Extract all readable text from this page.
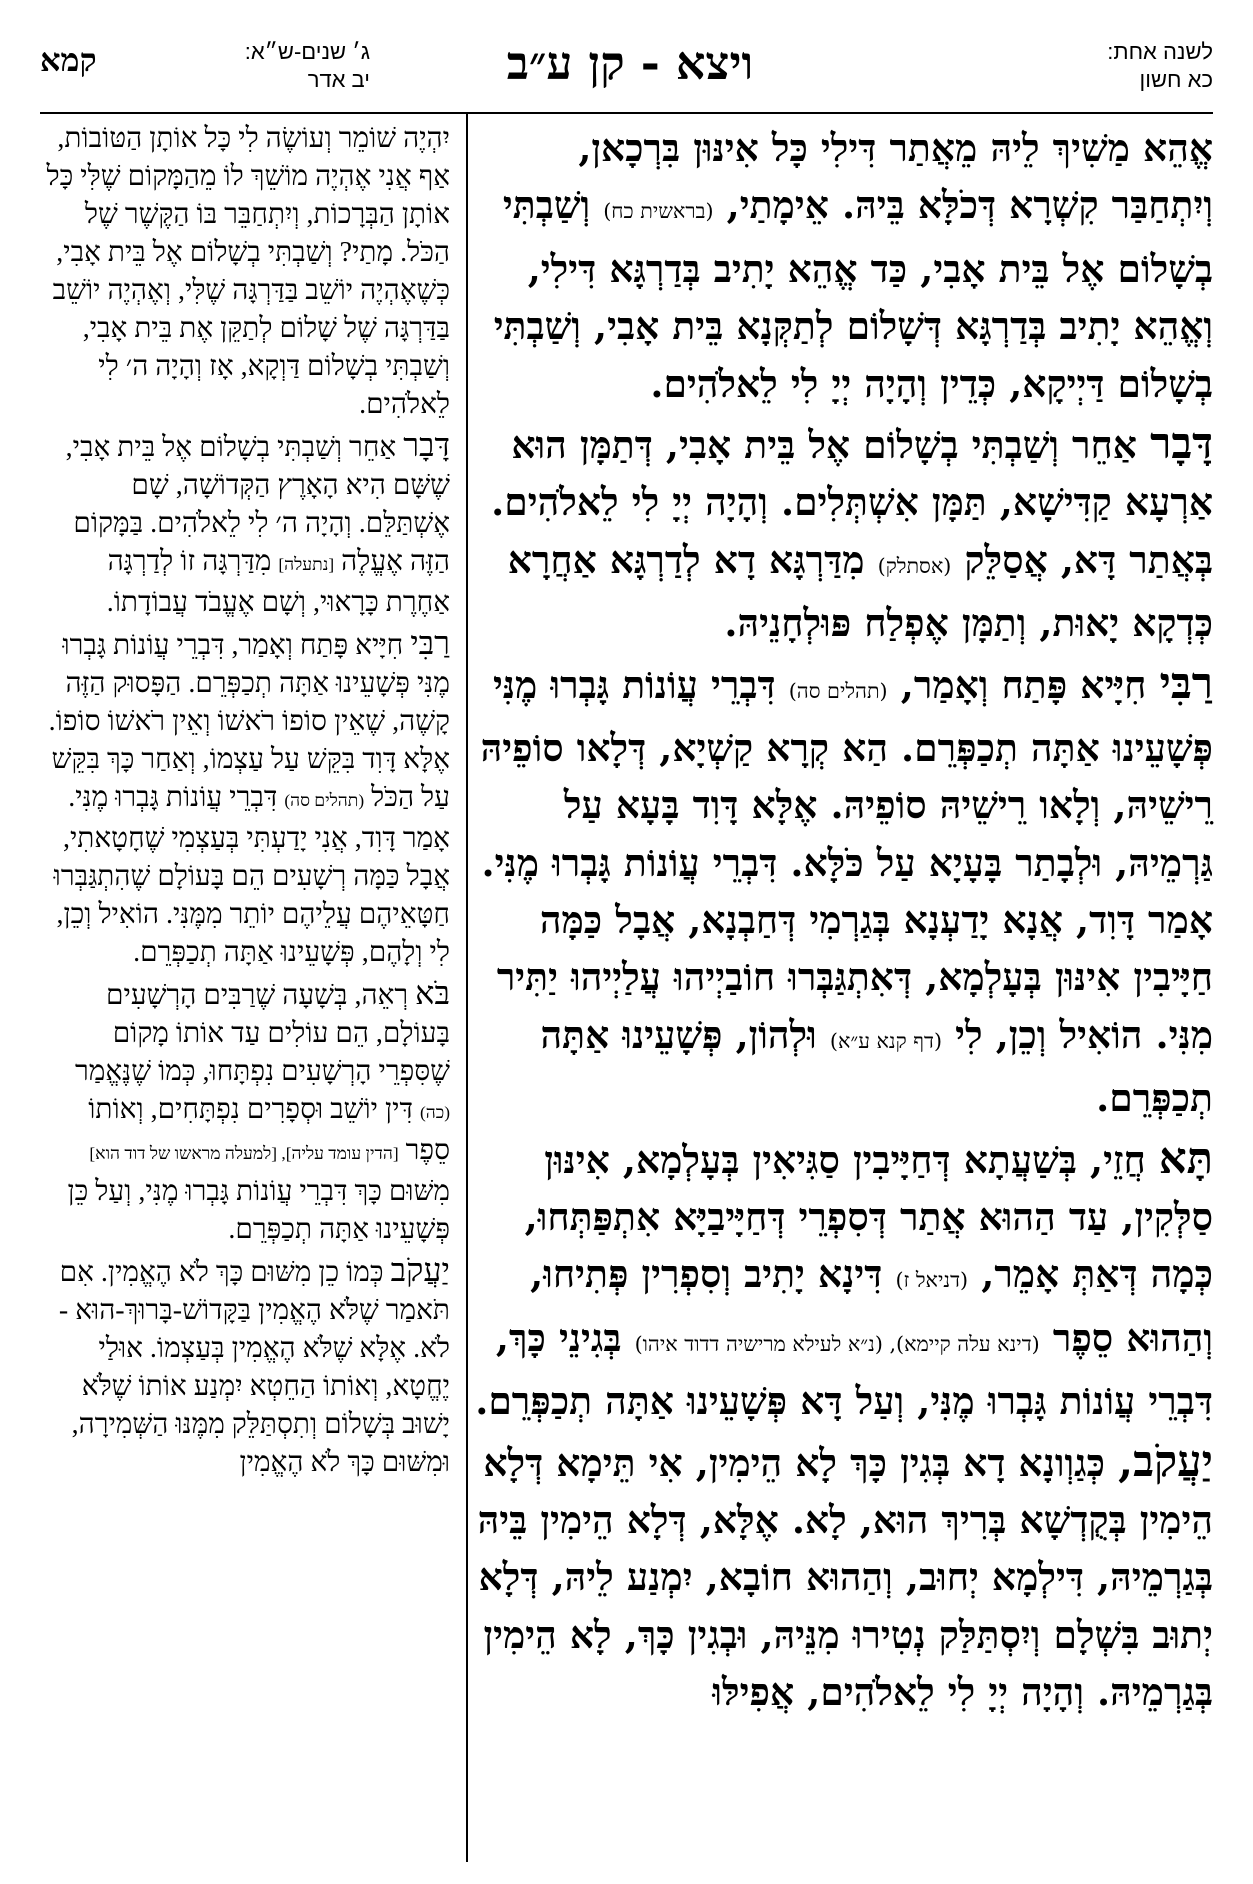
קמא	ג׳ שנים-ש״א:
יב אדר	ויצא - קן ע״ב	לשנה אחת:
כא חשון

אֱהֵא מַשִׁיךְ לֵיהּ מֵאֲתַר דִּילִי כָּל אִינּוּן בִּרְכָאן, וְיִתְחַבַּר קִשְׁרָא דְּכֹלָּא בֵּיהּ. אֵימָתַי, (בראשית כח) וְשַׁבְתִּי בְשָׁלוֹם אֶל בֵּית אָבִי, כַּד אֱהֵא יָתִיב בְּדַרְגָּא דִּילִי, וְאֱהֵא יָתִיב בְּדַרְגָּא דְּשָׁלוֹם לְתַקְּנָא בֵּית אָבִי, וְשַׁבְתִּי בְשָׁלוֹם דַּיְיקָא, כְּדֵין וְהָיָה יְיָ לִי לֵאלֹהִים.

דָּבָר אַחֵר וְשַׁבְתִּי בְשָׁלוֹם אֶל בֵּית אָבִי, דְּתַמָּן הוּא אַרְעָא קַדִּישָׁא, תַּמָּן אִשְׁתְּלִים. וְהָיָה יְיָ לִי לֵאלֹהִים. בְּאֲתַר דָּא, אֲסַלֵּק (אסתלק) מִדַּרְגָּא דָא לְדַרְגָּא אַחֲרָא כְּדְקָא יָאוּת, וְתַמָּן אֶפְלַח פּוּלְחָנֵיהּ.

רַבִּי חִיָּיא פָּתַח וְאָמַר, (תהלים סה) דִּבְרֵי עֲוֹנוֹת גָּבְרוּ מֶנִּי פְּשָׁעֵינוּ אַתָּה תְכַפְּרֵם. הַא קְרָא קַשְׁיָא, דְּלָאו סוֹפֵיהּ רֵישֵׁיהּ, וְלָאו רֵישֵׁיהּ סוֹפֵיהּ. אֶלָּא דָּוִד בָּעָא עַל גַּרְמֵיהּ, וּלְבָתַר בָּעָיָא עַל כֹּלָּא. דִּבְרֵי עֲוֹנוֹת גָּבְרוּ מֶנִּי. אָמַר דָּוִד, אֲנָא יָדַעְנָא בְּגַרְמִי דְּחַבְנָא, אֲבָל כַּמָּה חַיָּיבִין אִינּוּן בְּעָלְמָא, דְּאִתְגַּבְּרוּ חוֹבַיְיהוּ עֲלַיְיהוּ יַתִּיר מִנִּי. הוֹאִיל וְכֵן, לִי (דף קנא ע״א) וּלְהוֹן, פְּשָׁעֵינוּ אַתָּה תְכַפְּרֵם.

תָּא חֲזֵי, בְּשַׁעֲתָא דְּחַיָּיבִין סַגִּיאִין בְּעָלְמָא, אִינּוּן סַלְּקִין, עַד הַהוּא אֲתַר דְּסִפְרֵי דְּחַיָּיבַיָּא אִתְפַּתְּחוּ, כְּמָה דְּאַתְּ אָמֵר, (דניאל ז) דִּינָא יָתִיב וְסִפְרִין פְּתִיחוּ, וְהַהוּא סֵפֶר (דינא עלה קיימא), (נ״א לעילא מרישיה דדוד איהו) בְּגִינֵי כָּךְ, דִּבְרֵי עֲוֹנוֹת גָּבְרוּ מֶנִּי, וְעַל דָּא פְּשָׁעֵינוּ אַתָּה תְכַפְּרֵם.

יַעֲקֹב, כְּגַוְונָא דָא בְּגִין כָּךְ לָא הֵימִין, אִי תֵּימָא דְּלָא הֵימִין בְּקֻדְשָׁא בְּרִיךְ הוּא, לָא. אֶלָּא, דְּלָא הֵימִין בֵּיהּ בְּגַרְמֵיהּ, דִּילְמָא יְחוּב, וְהַהוּא חוֹבָא, יִמְנַע לֵיהּ, דְּלָא יְתוּב בִּשְׁלָם וְיִסְתַּלַּק נְטִירוּ מִנֵּיהּ, וּבְגִין כָּךְ, לָא הֵימִין בְּגַרְמֵיהּ. וְהָיָה יְיָ לִי לֵאלֹהִים, אֲפִילּוּ

יִהְיֶה שׁוֹמֵר וְעוֹשֶׂה לִי כָּל אוֹתָן הַטּוֹבוֹת, אַף אֲנִי אֶהְיֶה מוֹשֵׁךְ לוֹ מֵהַמָּקוֹם שֶׁלִּי כָּל אוֹתָן הַבְּרָכוֹת, וְיִתְחַבֵּר בּוֹ הַקֶּשֶׁר שֶׁל הַכֹּל. מָתַי? וְשַׁבְתִּי בְשָׁלוֹם אֶל בֵּית אָבִי, כְּשֶׁאֶהְיֶה יוֹשֵׁב בַּדַּרְגָּה שֶׁלִּי, וְאֶהְיֶה יוֹשֵׁב בַּדַּרְגָּה שֶׁל שָׁלוֹם לְתַקֵּן אֶת בֵּית אָבִי, וְשַׁבְתִּי בְשָׁלוֹם דַּוְקָא, אָז וְהָיָה ה׳ לִי לֵאלֹהִים.

דָּבָר אַחֵר וְשַׁבְתִּי בְשָׁלוֹם אֶל בֵּית אָבִי, שֶׁשָּׁם הִיא הָאָרֶץ הַקְּדוֹשָׁה, שָׁם אֶשְׁתַּלֵּם. וְהָיָה ה׳ לִי לֵאלֹהִים. בַּמָּקוֹם הַזֶּה אֶעֱלֶה [נתעלה] מִדַּרְגָּה זוֹ לְדַרְגָּה אַחֶרֶת כָּרָאוּי, וְשָׁם אֶעֱבֹד עֲבוֹדָתוֹ.

רַבִּי חִיָּיא פָּתַח וְאָמַר, דִּבְרֵי עֲוֹנוֹת גָּבְרוּ מֶנִּי פְּשָׁעֵינוּ אַתָּה תְכַפְּרֵם. הַפָּסוּק הַזֶּה קָשֶׁה, שֶׁאֵין סוֹפוֹ רֹאשׁוֹ וְאֵין רֹאשׁוֹ סוֹפוֹ. אֶלָּא דָּוִד בִּקֵּשׁ עַל עַצְמוֹ, וְאַחַר כָּךְ בִּקֵּשׁ עַל הַכֹּל (תהלים סה) דִּבְרֵי עֲוֹנוֹת גָּבְרוּ מֶנִּי. אָמַר דָּוִד, אֲנִי יָדַעְתִּי בְּעַצְמִי שֶׁחָטָאתִי, אֲבָל כַּמָּה רְשָׁעִים הֵם בָּעוֹלָם שֶׁהִתְגַּבְּרוּ חַטָּאֵיהֶם עֲלֵיהֶם יוֹתֵר מִמֶּנִּי. הוֹאִיל וְכֵן, לִי וְלָהֶם, פְּשָׁעֵינוּ אַתָּה תְכַפְּרֵם.

בֹּא רְאֵה, בְּשָׁעָה שֶׁרַבִּים הָרְשָׁעִים בָּעוֹלָם, הֵם עוֹלִים עַד אוֹתוֹ מָקוֹם שֶׁסִּפְרֵי הָרְשָׁעִים נִפְתָּחוּ, כְּמוֹ שֶׁנֶּאֱמַר (כה) דִּין יוֹשֵׁב וּסְפָרִים נִפְתָּחִים, וְאוֹתוֹ סֵפֶר [הדין עומד עליה], [למעלה מראשו של דוד הוא] מִשּׁוּם כָּךְ דִּבְרֵי עֲוֹנוֹת גָּבְרוּ מֶנִּי, וְעַל כֵּן פְּשָׁעֵינוּ אַתָּה תְכַפְּרֵם.

יַעֲקֹב כְּמוֹ כֵן מִשּׁוּם כָּךְ לֹא הֶאֱמִין. אִם תֹּאמַר שֶׁלֹּא הֶאֱמִין בַּקָּדוֹשׁ-בָּרוּךְ-הוּא - לֹא. אֶלָּא שֶׁלֹּא הֶאֱמִין בְּעַצְמוֹ. אוּלַי יֶחֱטָא, וְאוֹתוֹ הַחֵטְא יִמְנַע אוֹתוֹ שֶׁלֹּא יָשׁוּב בְּשָׁלוֹם וְתִסְתַּלֵּק מִמֶּנּוּ הַשְּׁמִירָה, וּמִשּׁוּם כָּךְ לֹא הֶאֱמִין
